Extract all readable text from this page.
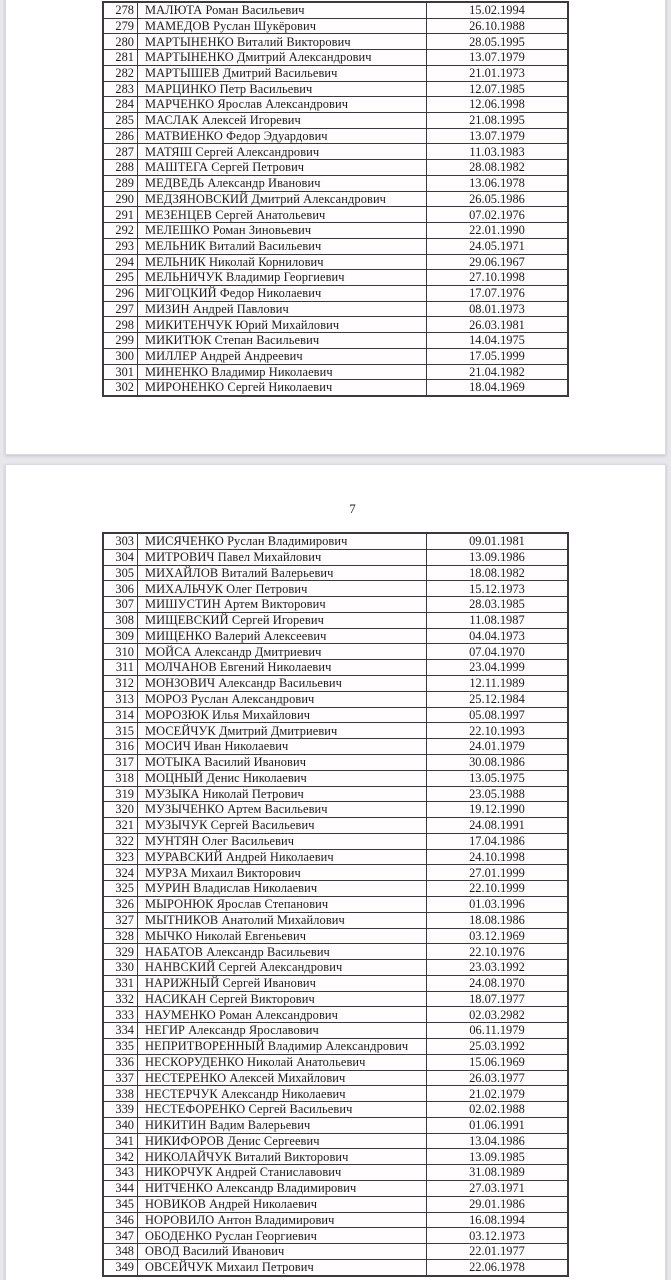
278 МАЛЮТА Роман Васильевич	15.02.1994
279 МАМЕДОВ Руслан Шукёрович	26.10.1988
280 МАРТЫНЕНКО Виталий Викторович	28.05.1995
281 МАРТЫНЕНКО Дмитрий Александрович	13.07.1979
282 МАРТЫШЕВ Дмитрий Васильевич	21.01.1973
283 МАРЦИНКО Петр Васильевич	12.07.1985
284 МАРЧЕНКО Ярослав Александрович	12.06.1998
285 МАСЛАК Алексей Игоревич	21.08.1995
286 МАТВИЕНКО Федор Эдуардович	13.07.1979
287 МАТЯШ Сергей Александрович	11.03.1983
288 МАШТЕГА Сергей Петрович	28.08.1982
289 МЕДВЕДЬ Александр Иванович	13.06.1978
290 МЕДЗЯНОВСКИЙ Дмитрий Александрович	26.05.1986
291 МЕЗЕНЦЕВ Сергей Анатольевич	07.02.1976
292 МЕЛЕШКО Роман Зиновьевич	22.01.1990
293 МЕЛЬНИК Виталий Васильевич	24.05.1971
294 МЕЛЬНИК Николай Корнилович	29.06.1967
295 МЕЛЬНИЧУК Владимир Георгиевич	27.10.1998
296 МИГОЦКИЙ Федор Николаевич	17.07.1976
297 МИЗИН Андрей Павлович	08.01.1973
298 МИКИТЕНЧУК Юрий Михайлович	26.03.1981
299 МИКИТЮК Степан Васильевич	14.04.1975
300 МИЛЛЕР Андрей Андреевич	17.05.1999
301 МИНЕНКО Владимир Николаевич	21.04.1982
302 МИРОНЕНКО Сергей Николаевич	18.04.1969
7
303 МИСЯЧЕНКО Руслан Владимирович	09.01.1981
304 МИТРОВИЧ Павел Михайлович	13.09.1986
305 МИХАЙЛОВ Виталий Валерьевич	18.08.1982
306 МИХАЛЬЧУК Олег Петрович	15.12.1973
307 МИШУСТИН Артем Викторович	28.03.1985
308 МИЩЕВСКИЙ Сергей Игоревич	11.08.1987
309 МИЩЕНКО Валерий Алексеевич	04.04.1973
310 МОЙСА Александр Дмитриевич	07.04.1970
311 МОЛЧАНОВ Евгений Николаевич	23.04.1999
312 МОНЗОВИЧ Александр Васильевич	12.11.1989
313 МОРОЗ Руслан Александрович	25.12.1984
314 МОРОЗЮК Илья Михайлович	05.08.1997
315 МОСЕЙЧУК Дмитрий Дмитриевич	22.10.1993
316 МОСИЧ Иван Николаевич	24.01.1979
317 МОТЫКА Василий Иванович	30.08.1986
318 МОЦНЫЙ Денис Николаевич	13.05.1975
319 МУЗЫКА Николай Петрович	23.05.1988
320 МУЗЫЧЕНКО Артем Васильевич	19.12.1990
321 МУЗЫЧУК Сергей Васильевич	24.08.1991
322 МУНТЯН Олег Васильевич	17.04.1986
323 МУРАВСКИЙ Андрей Николаевич	24.10.1998
324 МУРЗА Михаил Викторович	27.01.1999
325 МУРИН Владислав Николаевич	22.10.1999
326 МЫРОНЮК Ярослав Степанович	01.03.1996
327 МЫТНИКОВ Анатолий Михайлович	18.08.1986
328 МЫЧКО Николай Евгеньевич	03.12.1969
329 НАБАТОВ Александр Васильевич	22.10.1976
330 НАНВСКИЙ Сергей Александрович	23.03.1992
331 НАРИЖНЫЙ Сергей Иванович	24.08.1970
332 НАСИКАН Сергей Викторович	18.07.1977
333 НАУМЕНКО Роман Александрович	02.03.2982
334 НЕГИР Александр Ярославович	06.11.1979
335 НЕПРИТВОРЕННЫЙ Владимир Александрович	25.03.1992
336 НЕСКОРУДЕНКО Николай Анатольевич	15.06.1969
337 НЕСТЕРЕНКО Алексей Михайлович	26.03.1977
338 НЕСТЕРЧУК Александр Николаевич	21.02.1979
339 НЕСТЕФОРЕНКО Сергей Васильевич	02.02.1988
340 НИКИТИН Вадим Валерьевич	01.06.1991
341 НИКИФОРОВ Денис Сергеевич	13.04.1986
342 НИКОЛАЙЧУК Виталий Викторович	13.09.1985
343 НИКОРЧУК Андрей Станиславович	31.08.1989
344 НИТЧЕНКО Александр Владимирович	27.03.1971
345 НОВИКОВ Андрей Николаевич	29.01.1986
346 НОРОВИЛО Антон Владимирович	16.08.1994
347 ОБОДЕНКО Руслан Георгиевич	03.12.1973
348 ОВОД Василий Иванович	22.01.1977
349 ОВСЕЙЧУК Михаил Петрович	22.06.1978
